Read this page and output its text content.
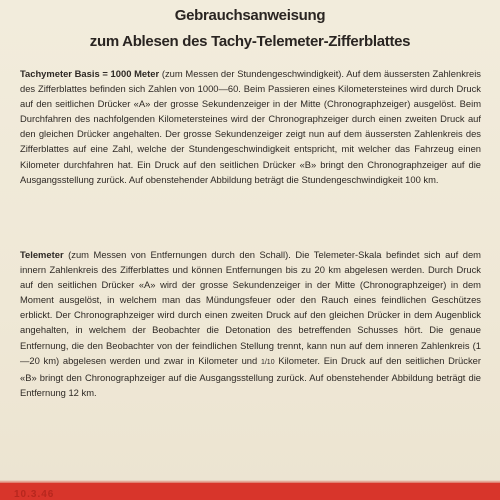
Gebrauchsanweisung
zum Ablesen des Tachy-Telemeter-Zifferblattes

Tachymeter Basis = 1000 Meter (zum Messen der Stundengeschwindigkeit). Auf dem äussersten Zahlenkreis des Zifferblattes befinden sich Zahlen von 1000—60. Beim Passieren eines Kilometersteines wird durch Druck auf den seitlichen Drücker «A» der grosse Sekundenzeiger in der Mitte (Chronographzeiger) ausgelöst. Beim Durchfahren des nachfolgenden Kilometersteines wird der Chronographzeiger durch einen zweiten Druck auf den gleichen Drücker angehalten. Der grosse Sekundenzeiger zeigt nun auf dem äussersten Zahlenkreis des Zifferblattes auf eine Zahl, welche der Stundengeschwindigkeit entspricht, mit welcher das Fahrzeug einen Kilometer durchfahren hat. Ein Druck auf den seitlichen Drücker «B» bringt den Chronographzeiger auf die Ausgangsstellung zurück. Auf obenstehender Abbildung beträgt die Stundengeschwindigkeit 100 km.

Telemeter (zum Messen von Entfernungen durch den Schall). Die Telemeter-Skala befindet sich auf dem innern Zahlenkreis des Zifferblattes und können Entfernungen bis zu 20 km abgelesen werden. Durch Druck auf den seitlichen Drücker «A» wird der grosse Sekundenzeiger in der Mitte (Chronographzeiger) in dem Moment ausgelöst, in welchem man das Mündungsfeuer oder den Rauch eines feindlichen Geschützes erblickt. Der Chronographzeiger wird durch einen zweiten Druck auf den gleichen Drücker in dem Augenblick angehalten, in welchem der Beobachter die Detonation des betreffenden Schusses hört. Die genaue Entfernung, die den Beobachter von der feindlichen Stellung trennt, kann nun auf dem inneren Zahlenkreis (1—20 km) abgelesen werden und zwar in Kilometer und 1/10 Kilometer. Ein Druck auf den seitlichen Drücker «B» bringt den Chronographzeiger auf die Ausgangsstellung zurück. Auf obenstehender Abbildung beträgt die Entfernung 12 km.

10.3.46
